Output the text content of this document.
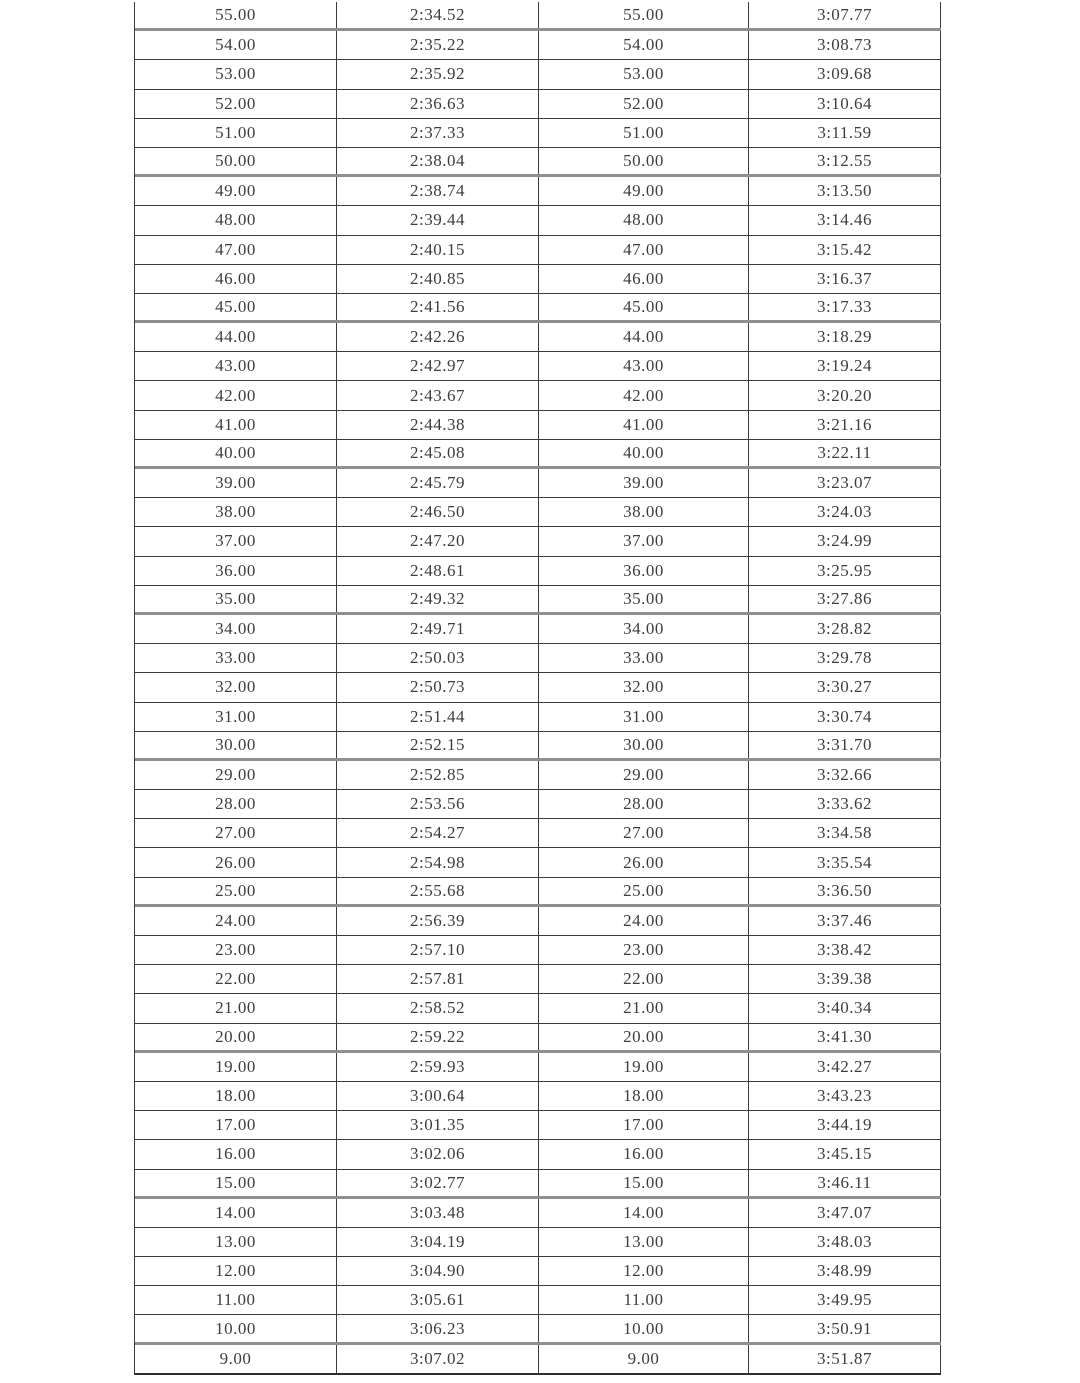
55.00	2:34.52	55.00	3:07.77
54.00	2:35.22	54.00	3:08.73
53.00	2:35.92	53.00	3:09.68
52.00	2:36.63	52.00	3:10.64
51.00	2:37.33	51.00	3:11.59
50.00	2:38.04	50.00	3:12.55
49.00	2:38.74	49.00	3:13.50
48.00	2:39.44	48.00	3:14.46
47.00	2:40.15	47.00	3:15.42
46.00	2:40.85	46.00	3:16.37
45.00	2:41.56	45.00	3:17.33
44.00	2:42.26	44.00	3:18.29
43.00	2:42.97	43.00	3:19.24
42.00	2:43.67	42.00	3:20.20
41.00	2:44.38	41.00	3:21.16
40.00	2:45.08	40.00	3:22.11
39.00	2:45.79	39.00	3:23.07
38.00	2:46.50	38.00	3:24.03
37.00	2:47.20	37.00	3:24.99
36.00	2:48.61	36.00	3:25.95
35.00	2:49.32	35.00	3:27.86
34.00	2:49.71	34.00	3:28.82
33.00	2:50.03	33.00	3:29.78
32.00	2:50.73	32.00	3:30.27
31.00	2:51.44	31.00	3:30.74
30.00	2:52.15	30.00	3:31.70
29.00	2:52.85	29.00	3:32.66
28.00	2:53.56	28.00	3:33.62
27.00	2:54.27	27.00	3:34.58
26.00	2:54.98	26.00	3:35.54
25.00	2:55.68	25.00	3:36.50
24.00	2:56.39	24.00	3:37.46
23.00	2:57.10	23.00	3:38.42
22.00	2:57.81	22.00	3:39.38
21.00	2:58.52	21.00	3:40.34
20.00	2:59.22	20.00	3:41.30
19.00	2:59.93	19.00	3:42.27
18.00	3:00.64	18.00	3:43.23
17.00	3:01.35	17.00	3:44.19
16.00	3:02.06	16.00	3:45.15
15.00	3:02.77	15.00	3:46.11
14.00	3:03.48	14.00	3:47.07
13.00	3:04.19	13.00	3:48.03
12.00	3:04.90	12.00	3:48.99
11.00	3:05.61	11.00	3:49.95
10.00	3:06.23	10.00	3:50.91
9.00	3:07.02	9.00	3:51.87
